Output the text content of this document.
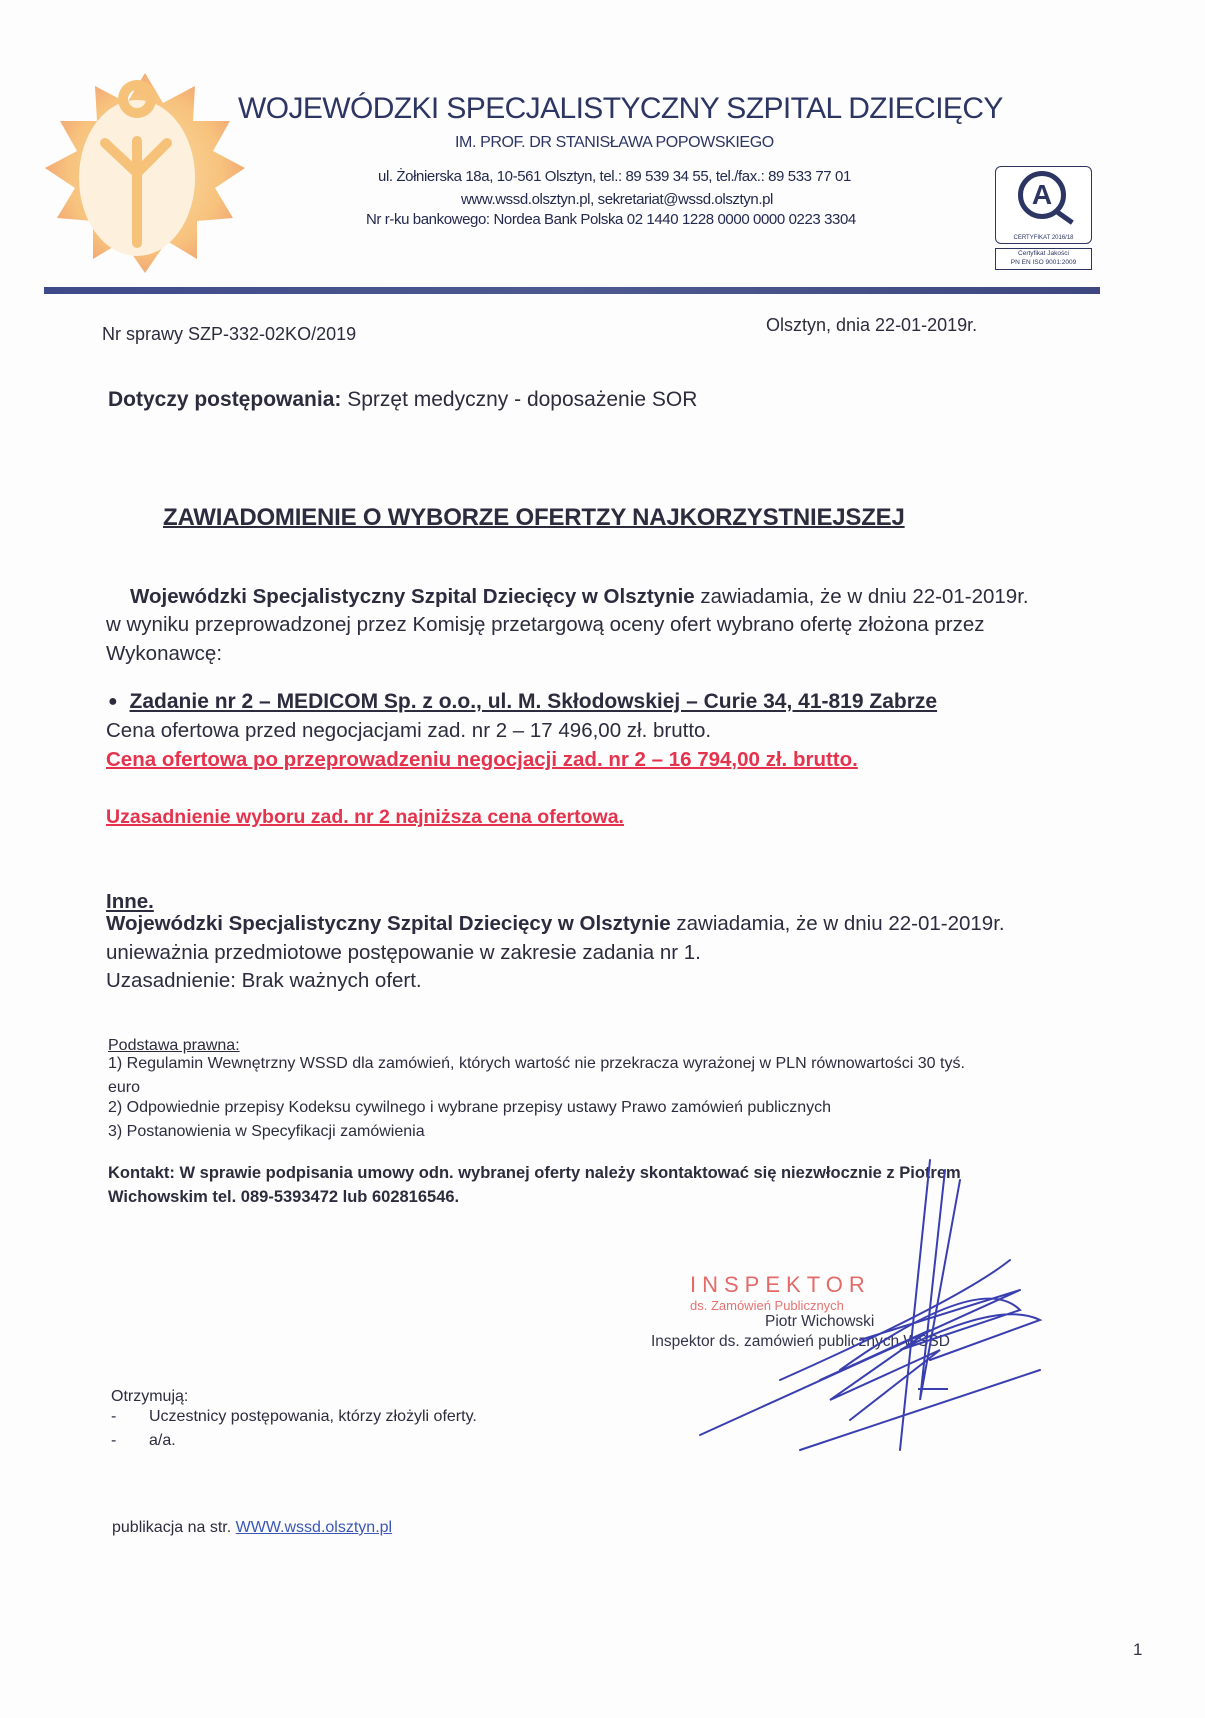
WOJEWÓDZKI SPECJALISTYCZNY SZPITAL DZIECIĘCY
IM. PROF. DR STANISŁAWA POPOWSKIEGO
ul. Żołnierska 18a, 10-561 Olsztyn, tel.: 89 539 34 55, tel./fax.: 89 533 77 01
www.wssd.olsztyn.pl, sekretariat@wssd.olsztyn.pl
Nr r-ku bankowego: Nordea Bank Polska 02 1440 1228 0000 0000 0223 3304
A
CERTYFIKAT 2016/18
Certyfikat Jakości
PN EN ISO 9001:2009
Nr sprawy SZP-332-02KO/2019	Olsztyn, dnia 22-01-2019r.
Dotyczy postępowania: Sprzęt medyczny - doposażenie SOR
ZAWIADOMIENIE O WYBORZE OFERTZY NAJKORZYSTNIEJSZEJ
Wojewódzki Specjalistyczny Szpital Dziecięcy w Olsztynie zawiadamia, że w dniu 22-01-2019r.
w wyniku przeprowadzonej przez Komisję przetargową oceny ofert wybrano ofertę złożona przez
Wykonawcę:
● Zadanie nr 2 – MEDICOM Sp. z o.o., ul. M. Skłodowskiej – Curie 34, 41-819 Zabrze
Cena ofertowa przed negocjacjami zad. nr 2 – 17 496,00 zł. brutto.
Cena ofertowa po przeprowadzeniu negocjacji zad. nr 2 – 16 794,00 zł. brutto.
Uzasadnienie wyboru zad. nr 2 najniższa cena ofertowa.
Inne.
Wojewódzki Specjalistyczny Szpital Dziecięcy w Olsztynie zawiadamia, że w dniu 22-01-2019r.
unieważnia przedmiotowe postępowanie w zakresie zadania nr 1.
Uzasadnienie: Brak ważnych ofert.
Podstawa prawna:
1) Regulamin Wewnętrzny WSSD dla zamówień, których wartość nie przekracza wyrażonej w PLN równowartości 30 tyś.
euro
2) Odpowiednie przepisy Kodeksu cywilnego i wybrane przepisy ustawy Prawo zamówień publicznych
3) Postanowienia w Specyfikacji zamówienia
Kontakt: W sprawie podpisania umowy odn. wybranej oferty należy skontaktować się niezwłocznie z Piotrem
Wichowskim tel. 089-5393472 lub 602816546.
INSPEKTOR
ds. Zamówień Publicznych
Piotr Wichowski
Inspektor ds. zamówień publicznych WSSD
Otrzymują:
- Uczestnicy postępowania, którzy złożyli oferty.
- a/a.
publikacja na str. WWW.wssd.olsztyn.pl
1
